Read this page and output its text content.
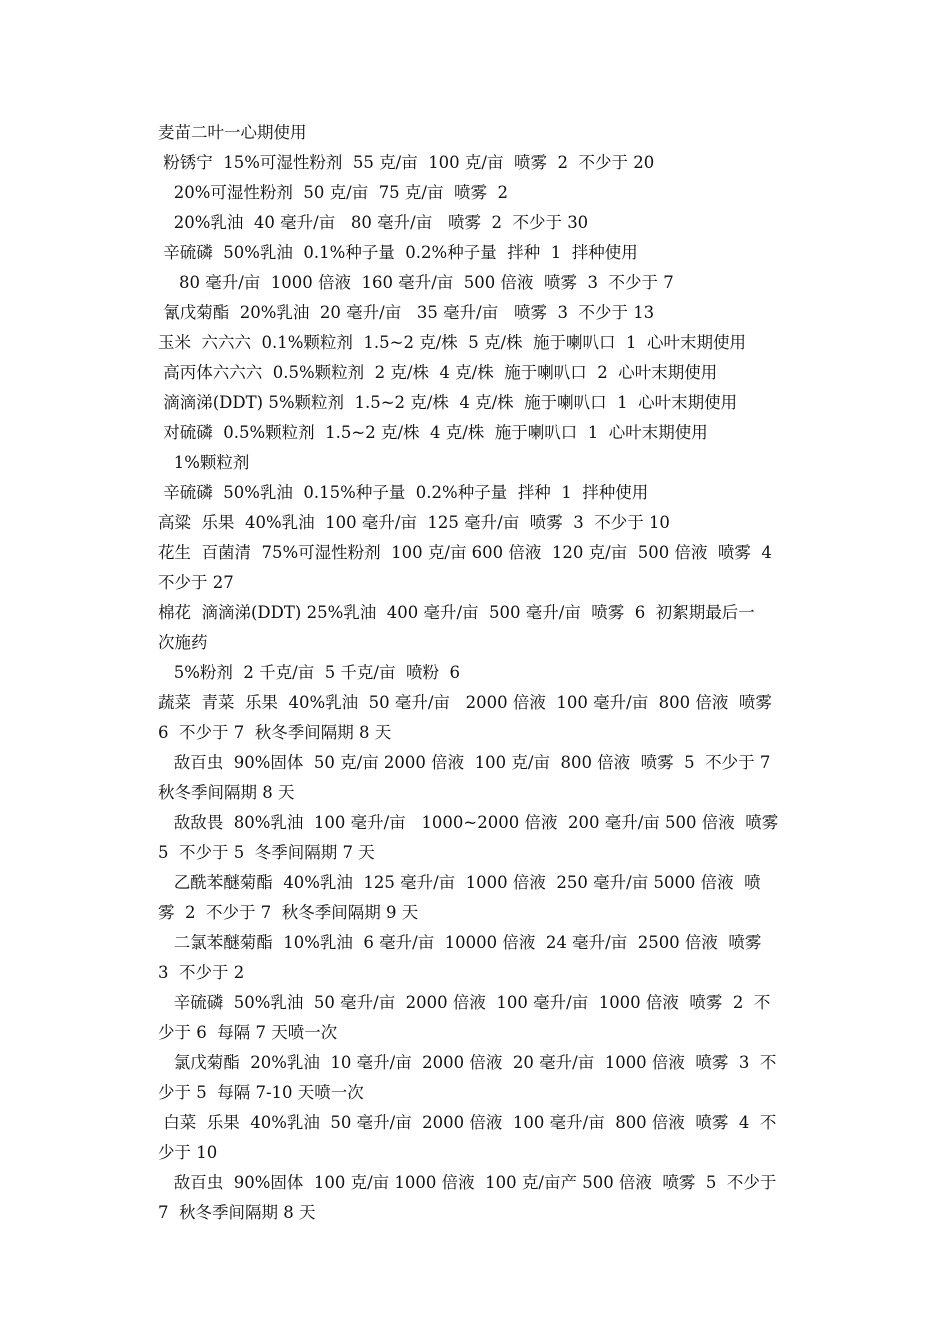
麦苗二叶一心期使用
粉锈宁  15%可湿性粉剂  55 克/亩  100 克/亩  喷雾  2  不少于 20
20%可湿性粉剂  50 克/亩  75 克/亩  喷雾  2
20%乳油  40 毫升/亩   80 毫升/亩   喷雾  2  不少于 30
辛硫磷  50%乳油  0.1%种子量  0.2%种子量  拌种  1  拌种使用
80 毫升/亩  1000 倍液  160 毫升/亩  500 倍液  喷雾  3  不少于 7
氰戊菊酯  20%乳油  20 毫升/亩   35 毫升/亩   喷雾  3  不少于 13
玉米  六六六  0.1%颗粒剂  1.5~2 克/株  5 克/株  施于喇叭口  1  心叶末期使用
高丙体六六六  0.5%颗粒剂  2 克/株  4 克/株  施于喇叭口  2  心叶末期使用
滴滴涕(DDT) 5%颗粒剂  1.5~2 克/株  4 克/株  施于喇叭口  1  心叶末期使用
对硫磷  0.5%颗粒剂  1.5~2 克/株  4 克/株  施于喇叭口  1  心叶末期使用
1%颗粒剂
辛硫磷  50%乳油  0.15%种子量  0.2%种子量  拌种  1  拌种使用
高粱  乐果  40%乳油  100 毫升/亩  125 毫升/亩  喷雾  3  不少于 10
花生  百菌清  75%可湿性粉剂  100 克/亩 600 倍液  120 克/亩  500 倍液  喷雾  4
不少于 27
棉花  滴滴涕(DDT) 25%乳油  400 毫升/亩  500 毫升/亩  喷雾  6  初絮期最后一
次施药
5%粉剂  2 千克/亩  5 千克/亩  喷粉  6
蔬菜  青菜  乐果  40%乳油  50 毫升/亩   2000 倍液  100 毫升/亩  800 倍液  喷雾
6  不少于 7  秋冬季间隔期 8 天
敌百虫  90%固体  50 克/亩 2000 倍液  100 克/亩  800 倍液  喷雾  5  不少于 7
秋冬季间隔期 8 天
敌敌畏  80%乳油  100 毫升/亩   1000~2000 倍液  200 毫升/亩 500 倍液  喷雾
5  不少于 5  冬季间隔期 7 天
乙酰苯醚菊酯  40%乳油  125 毫升/亩  1000 倍液  250 毫升/亩 5000 倍液  喷
雾  2  不少于 7  秋冬季间隔期 9 天
二氯苯醚菊酯  10%乳油  6 毫升/亩  10000 倍液  24 毫升/亩  2500 倍液  喷雾
3  不少于 2
辛硫磷  50%乳油  50 毫升/亩  2000 倍液  100 毫升/亩  1000 倍液  喷雾  2  不
少于 6  每隔 7 天喷一次
氯戊菊酯  20%乳油  10 毫升/亩  2000 倍液  20 毫升/亩  1000 倍液  喷雾  3  不
少于 5  每隔 7-10 天喷一次
白菜  乐果  40%乳油  50 毫升/亩  2000 倍液  100 毫升/亩  800 倍液  喷雾  4  不
少于 10
敌百虫  90%固体  100 克/亩 1000 倍液  100 克/亩产 500 倍液  喷雾  5  不少于
7  秋冬季间隔期 8 天
